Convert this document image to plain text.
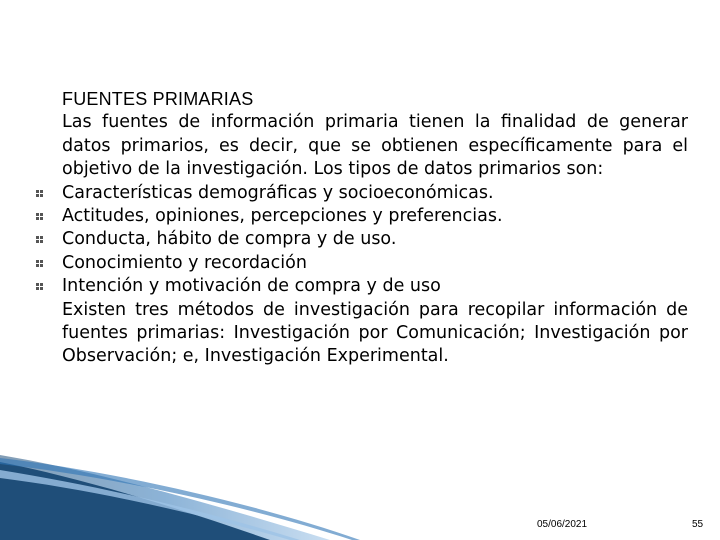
FUENTES PRIMARIAS
Las fuentes de información primaria tienen la finalidad de generar datos primarios, es decir, que se obtienen específicamente para el objetivo de la investigación. Los tipos de datos primarios son:
Características demográficas y socioeconómicas.
Actitudes, opiniones, percepciones y preferencias.
Conducta, hábito de compra y de uso.
Conocimiento y recordación
Intención y motivación de compra y de uso
Existen tres métodos de investigación para recopilar información de fuentes primarias: Investigación por Comunicación; Investigación por Observación; e, Investigación Experimental.
05/06/2021	55
